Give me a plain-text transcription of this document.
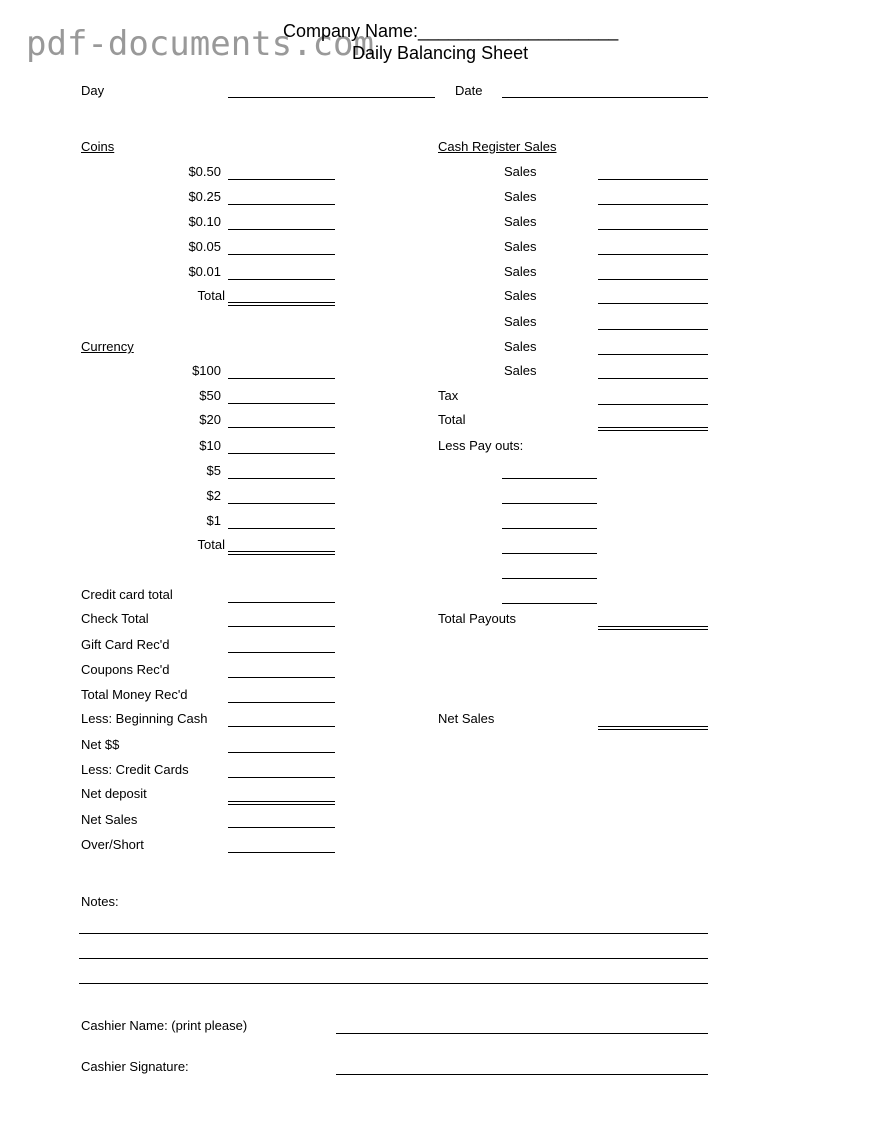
pdf-documents.com
Company Name:____________________
Daily Balancing Sheet
Day	Date
Coins
$0.50
$0.25
$0.10
$0.05
$0.01
Total
Currency
$100
$50
$20
$10
$5
$2
$1
Total
Credit card total
Check Total
Gift Card Rec'd
Coupons Rec'd
Total Money Rec'd
Less: Beginning Cash
Net $$
Less: Credit Cards
Net deposit
Net Sales
Over/Short
Cash Register Sales
Sales
Sales
Sales
Sales
Sales
Sales
Sales
Sales
Sales
Tax
Total
Less Pay outs:
Total Payouts
Net Sales
Notes:
Cashier Name: (print please)
Cashier Signature:
